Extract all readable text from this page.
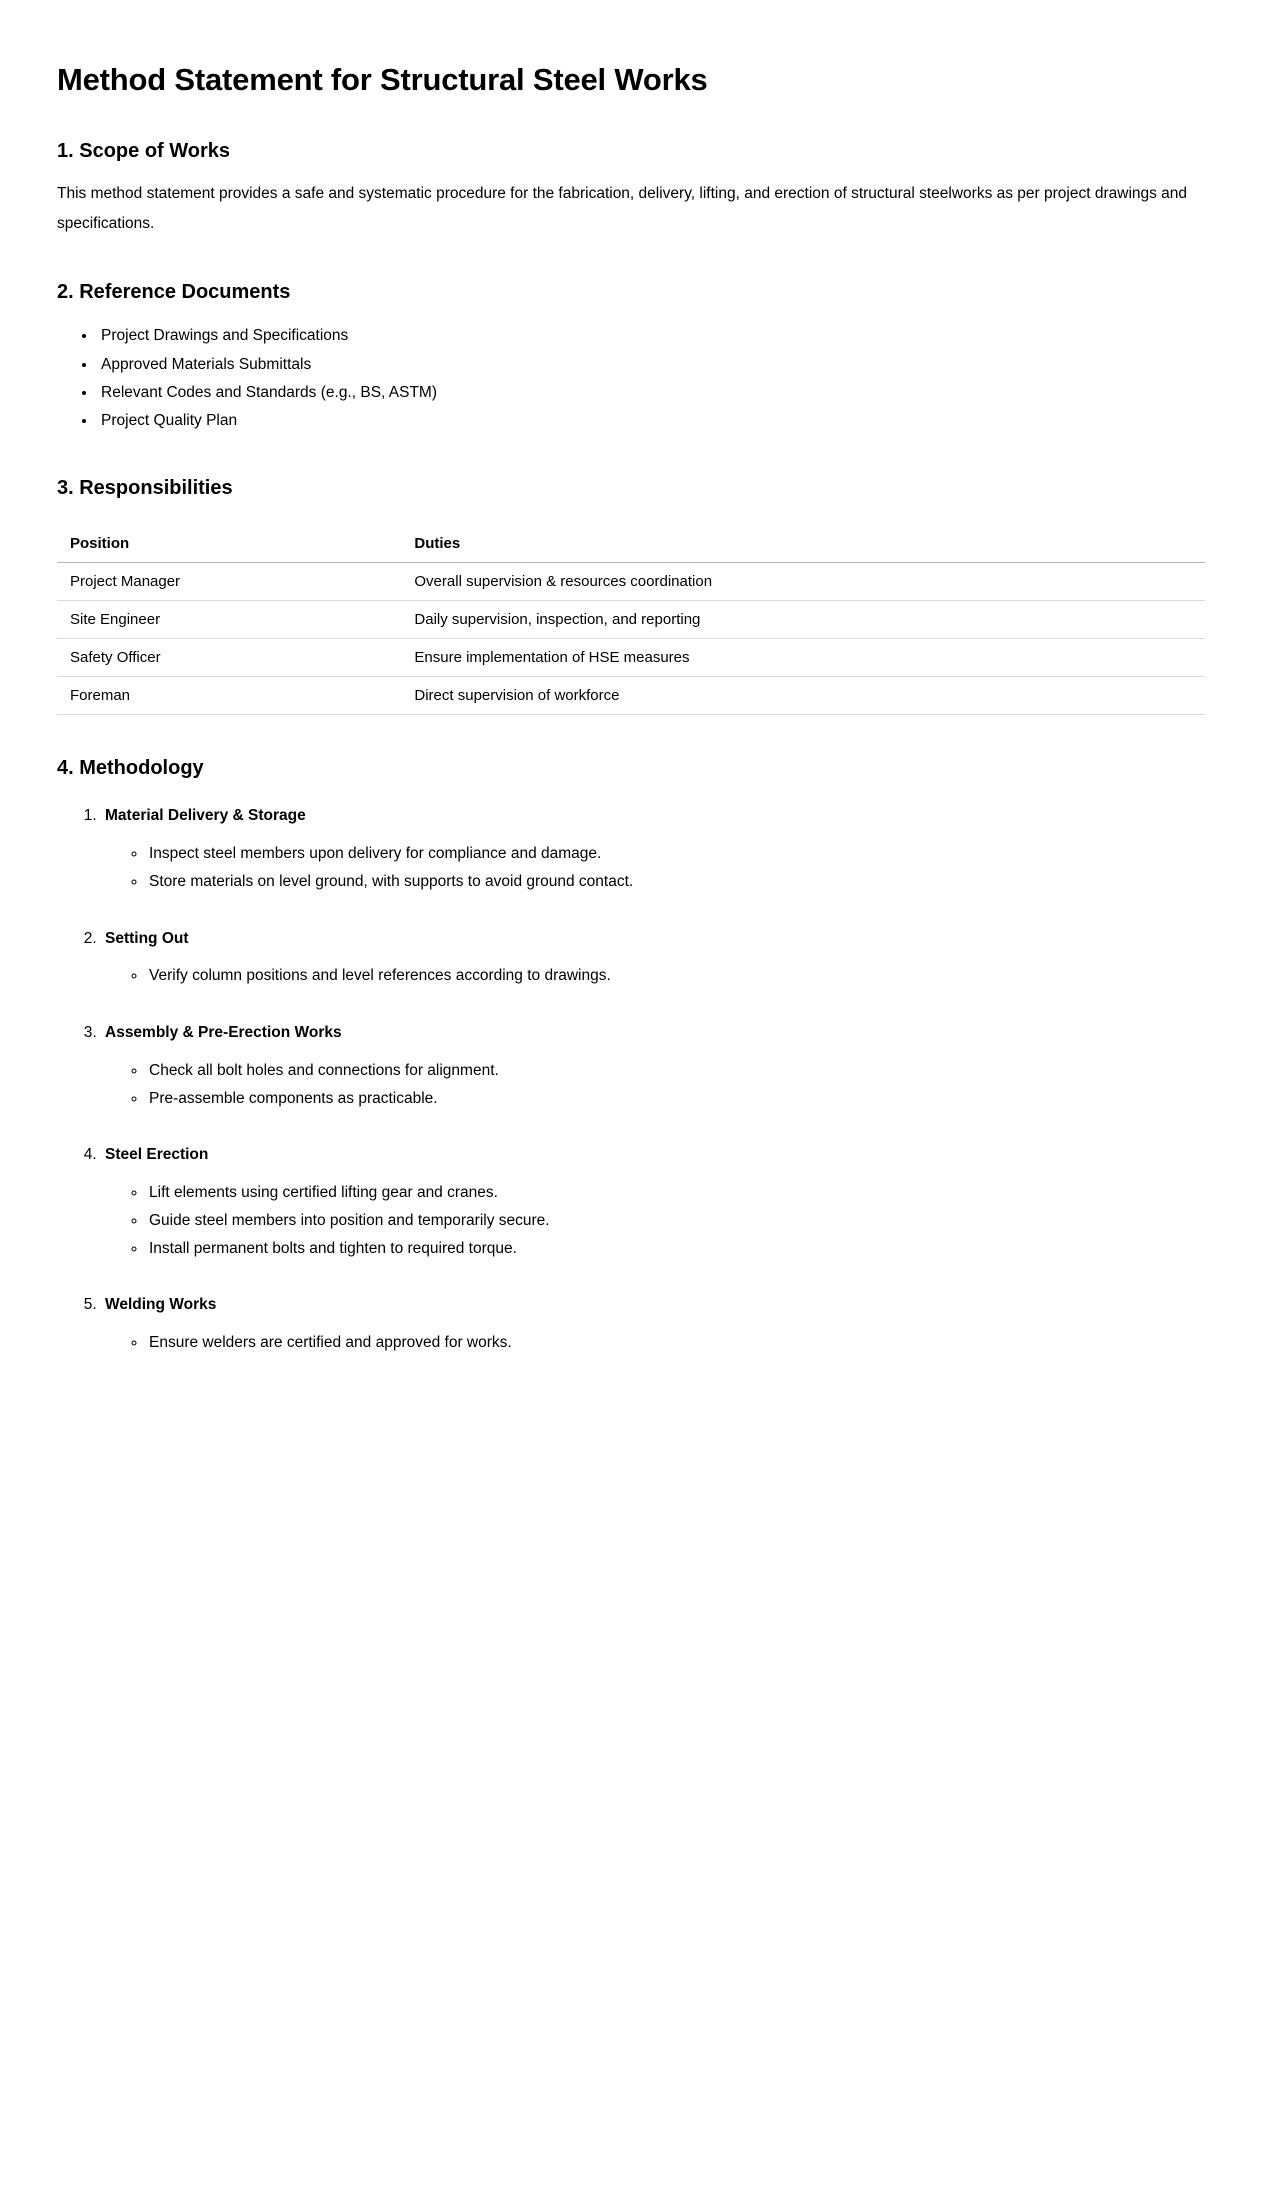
Method Statement for Structural Steel Works
1. Scope of Works

This method statement provides a safe and systematic procedure for the fabrication, delivery, lifting, and erection of structural steelworks as per project drawings and specifications.

2. Reference Documents
• Project Drawings and Specifications
• Approved Materials Submittals
• Relevant Codes and Standards (e.g., BS, ASTM)
• Project Quality Plan
3. Responsibilities
Position	Duties
Project Manager	Overall supervision & resources coordination
Site Engineer	Daily supervision, inspection, and reporting
Safety Officer	Ensure implementation of HSE measures
Foreman	Direct supervision of workforce
4. Methodology
1. Material Delivery & Storage
◦ Inspect steel members upon delivery for compliance and damage.
◦ Store materials on level ground, with supports to avoid ground contact.
2. Setting Out
◦ Verify column positions and level references according to drawings.
3. Assembly & Pre-Erection Works
◦ Check all bolt holes and connections for alignment.
◦ Pre-assemble components as practicable.
4. Steel Erection
◦ Lift elements using certified lifting gear and cranes.
◦ Guide steel members into position and temporarily secure.
◦ Install permanent bolts and tighten to required torque.
5. Welding Works
◦ Ensure welders are certified and approved for works.
